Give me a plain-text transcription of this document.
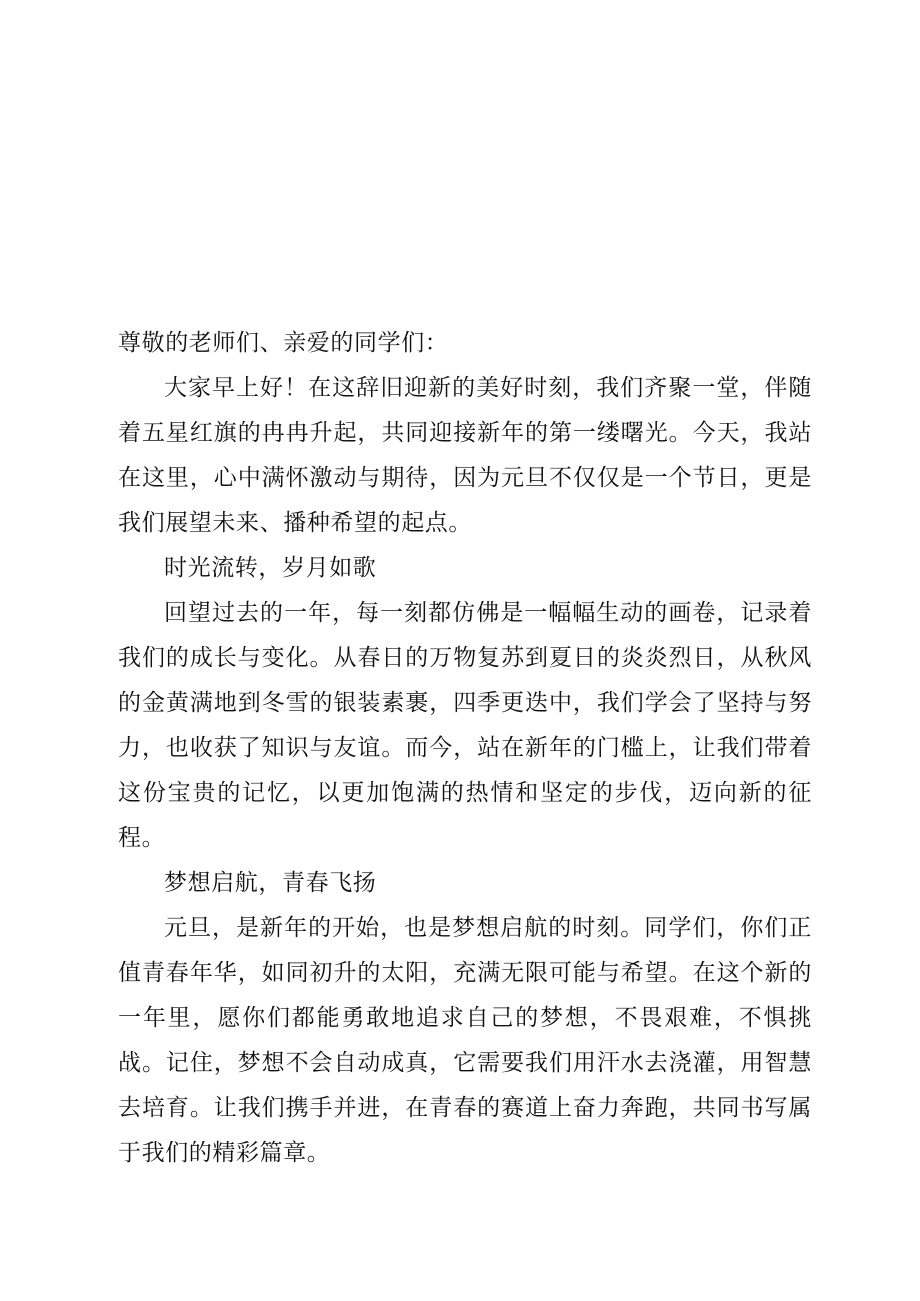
尊敬的老师们、亲爱的同学们：

大家早上好！在这辞旧迎新的美好时刻，我们齐聚一堂，伴随着五星红旗的冉冉升起，共同迎接新年的第一缕曙光。今天，我站在这里，心中满怀激动与期待，因为元旦不仅仅是一个节日，更是我们展望未来、播种希望的起点。

时光流转，岁月如歌

回望过去的一年，每一刻都仿佛是一幅幅生动的画卷，记录着我们的成长与变化。从春日的万物复苏到夏日的炎炎烈日，从秋风的金黄满地到冬雪的银装素裹，四季更迭中，我们学会了坚持与努力，也收获了知识与友谊。而今，站在新年的门槛上，让我们带着这份宝贵的记忆，以更加饱满的热情和坚定的步伐，迈向新的征程。

梦想启航，青春飞扬

元旦，是新年的开始，也是梦想启航的时刻。同学们，你们正值青春年华，如同初升的太阳，充满无限可能与希望。在这个新的一年里，愿你们都能勇敢地追求自己的梦想，不畏艰难，不惧挑战。记住，梦想不会自动成真，它需要我们用汗水去浇灌，用智慧去培育。让我们携手并进，在青春的赛道上奋力奔跑，共同书写属于我们的精彩篇章。
